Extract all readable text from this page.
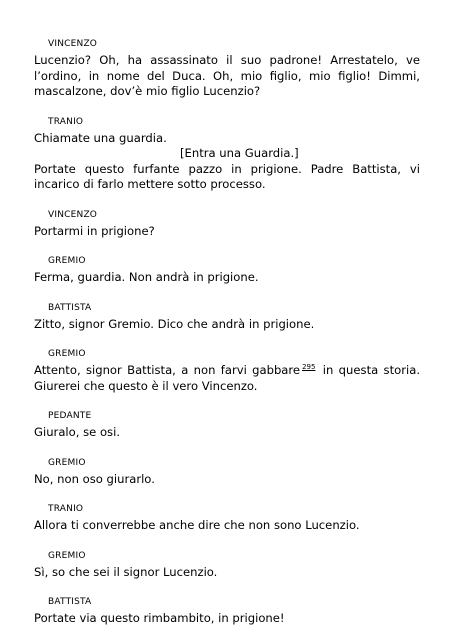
VINCENZO
Lucenzio? Oh, ha assassinato il suo padrone! Arrestatelo, ve l’ordino, in nome del Duca. Oh, mio figlio, mio figlio! Dimmi, mascalzone, dov’è mio figlio Lucenzio?
TRANIO
Chiamate una guardia.
[Entra una Guardia.]
Portate questo furfante pazzo in prigione. Padre Battista, vi incarico di farlo mettere sotto processo.
VINCENZO
Portarmi in prigione?
GREMIO
Ferma, guardia. Non andrà in prigione.
BATTISTA
Zitto, signor Gremio. Dico che andrà in prigione.
GREMIO
Attento, signor Battista, a non farvi gabbare $^{295}$ in questa storia. Giurerei che questo è il vero Vincenzo.
PEDANTE
Giuralo, se osi.
GREMIO
No, non oso giurarlo.
TRANIO
Allora ti converrebbe anche dire che non sono Lucenzio.
GREMIO
Sì, so che sei il signor Lucenzio.
BATTISTA
Portate via questo rimbambito, in prigione!
